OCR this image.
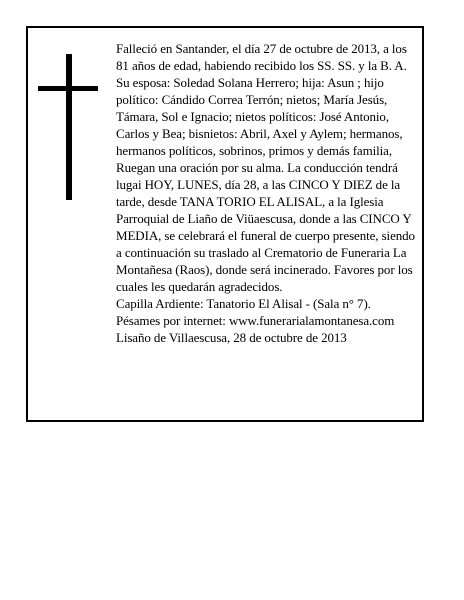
Falleció en Santander, el día 27 de octubre de 2013, a los 81 años de edad, habiendo recibido los SS. SS. y la B. A.

Su esposa: Soledad Solana Herrero; hija: Asun ; hijo político: Cándido Correa Terrón; nietos; María Jesús, Támara, Sol e Ignacio; nietos políticos: José Antonio, Carlos y Bea; bisnietos: Abril, Axel y Aylem; hermanos, hermanos políticos, sobrinos, primos y demás familia,

Ruegan una oración por su alma. La conducción tendrá lugai HOY, LUNES, día 28, a las CINCO Y DIEZ de la tarde, desde TANA TORIO EL ALISAL, a la Iglesia Parroquial de Liaño de Viüaescusa, donde a las CINCO Y MEDIA, se celebrará el funeral de cuerpo presente, siendo a continuación su traslado al Crematorio de Funeraria La Montañesa (Raos), donde será incinerado. Favores por los cuales les quedarán agradecidos.

Capilla Ardiente: Tanatorio El Alisal - (Sala n° 7).

Pésames por internet: www.funerarialamontanesa.com

Lisaño de Villaescusa, 28 de octubre de 2013
